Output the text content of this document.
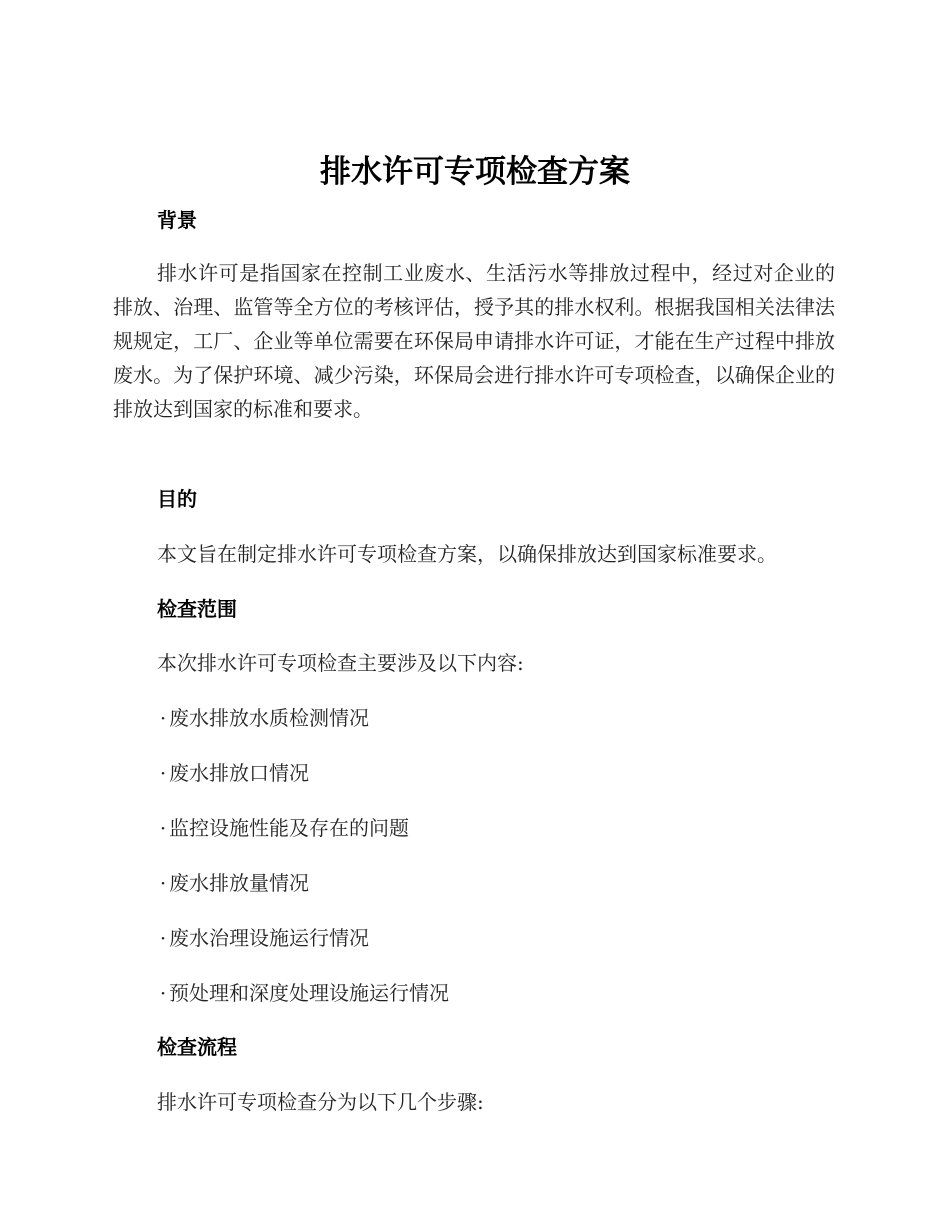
排水许可专项检查方案
背景

排水许可是指国家在控制工业废水、生活污水等排放过程中，经过对企业的排放、治理、监管等全方位的考核评估，授予其的排水权利。根据我国相关法律法规规定，工厂、企业等单位需要在环保局申请排水许可证，才能在生产过程中排放废水。为了保护环境、减少污染，环保局会进行排水许可专项检查，以确保企业的排放达到国家的标准和要求。

目的

本文旨在制定排水许可专项检查方案，以确保排放达到国家标准要求。

检查范围

本次排水许可专项检查主要涉及以下内容:

· 废水排放水质检测情况
· 废水排放口情况
· 监控设施性能及存在的问题
· 废水排放量情况
· 废水治理设施运行情况
· 预处理和深度处理设施运行情况
检查流程

排水许可专项检查分为以下几个步骤:
